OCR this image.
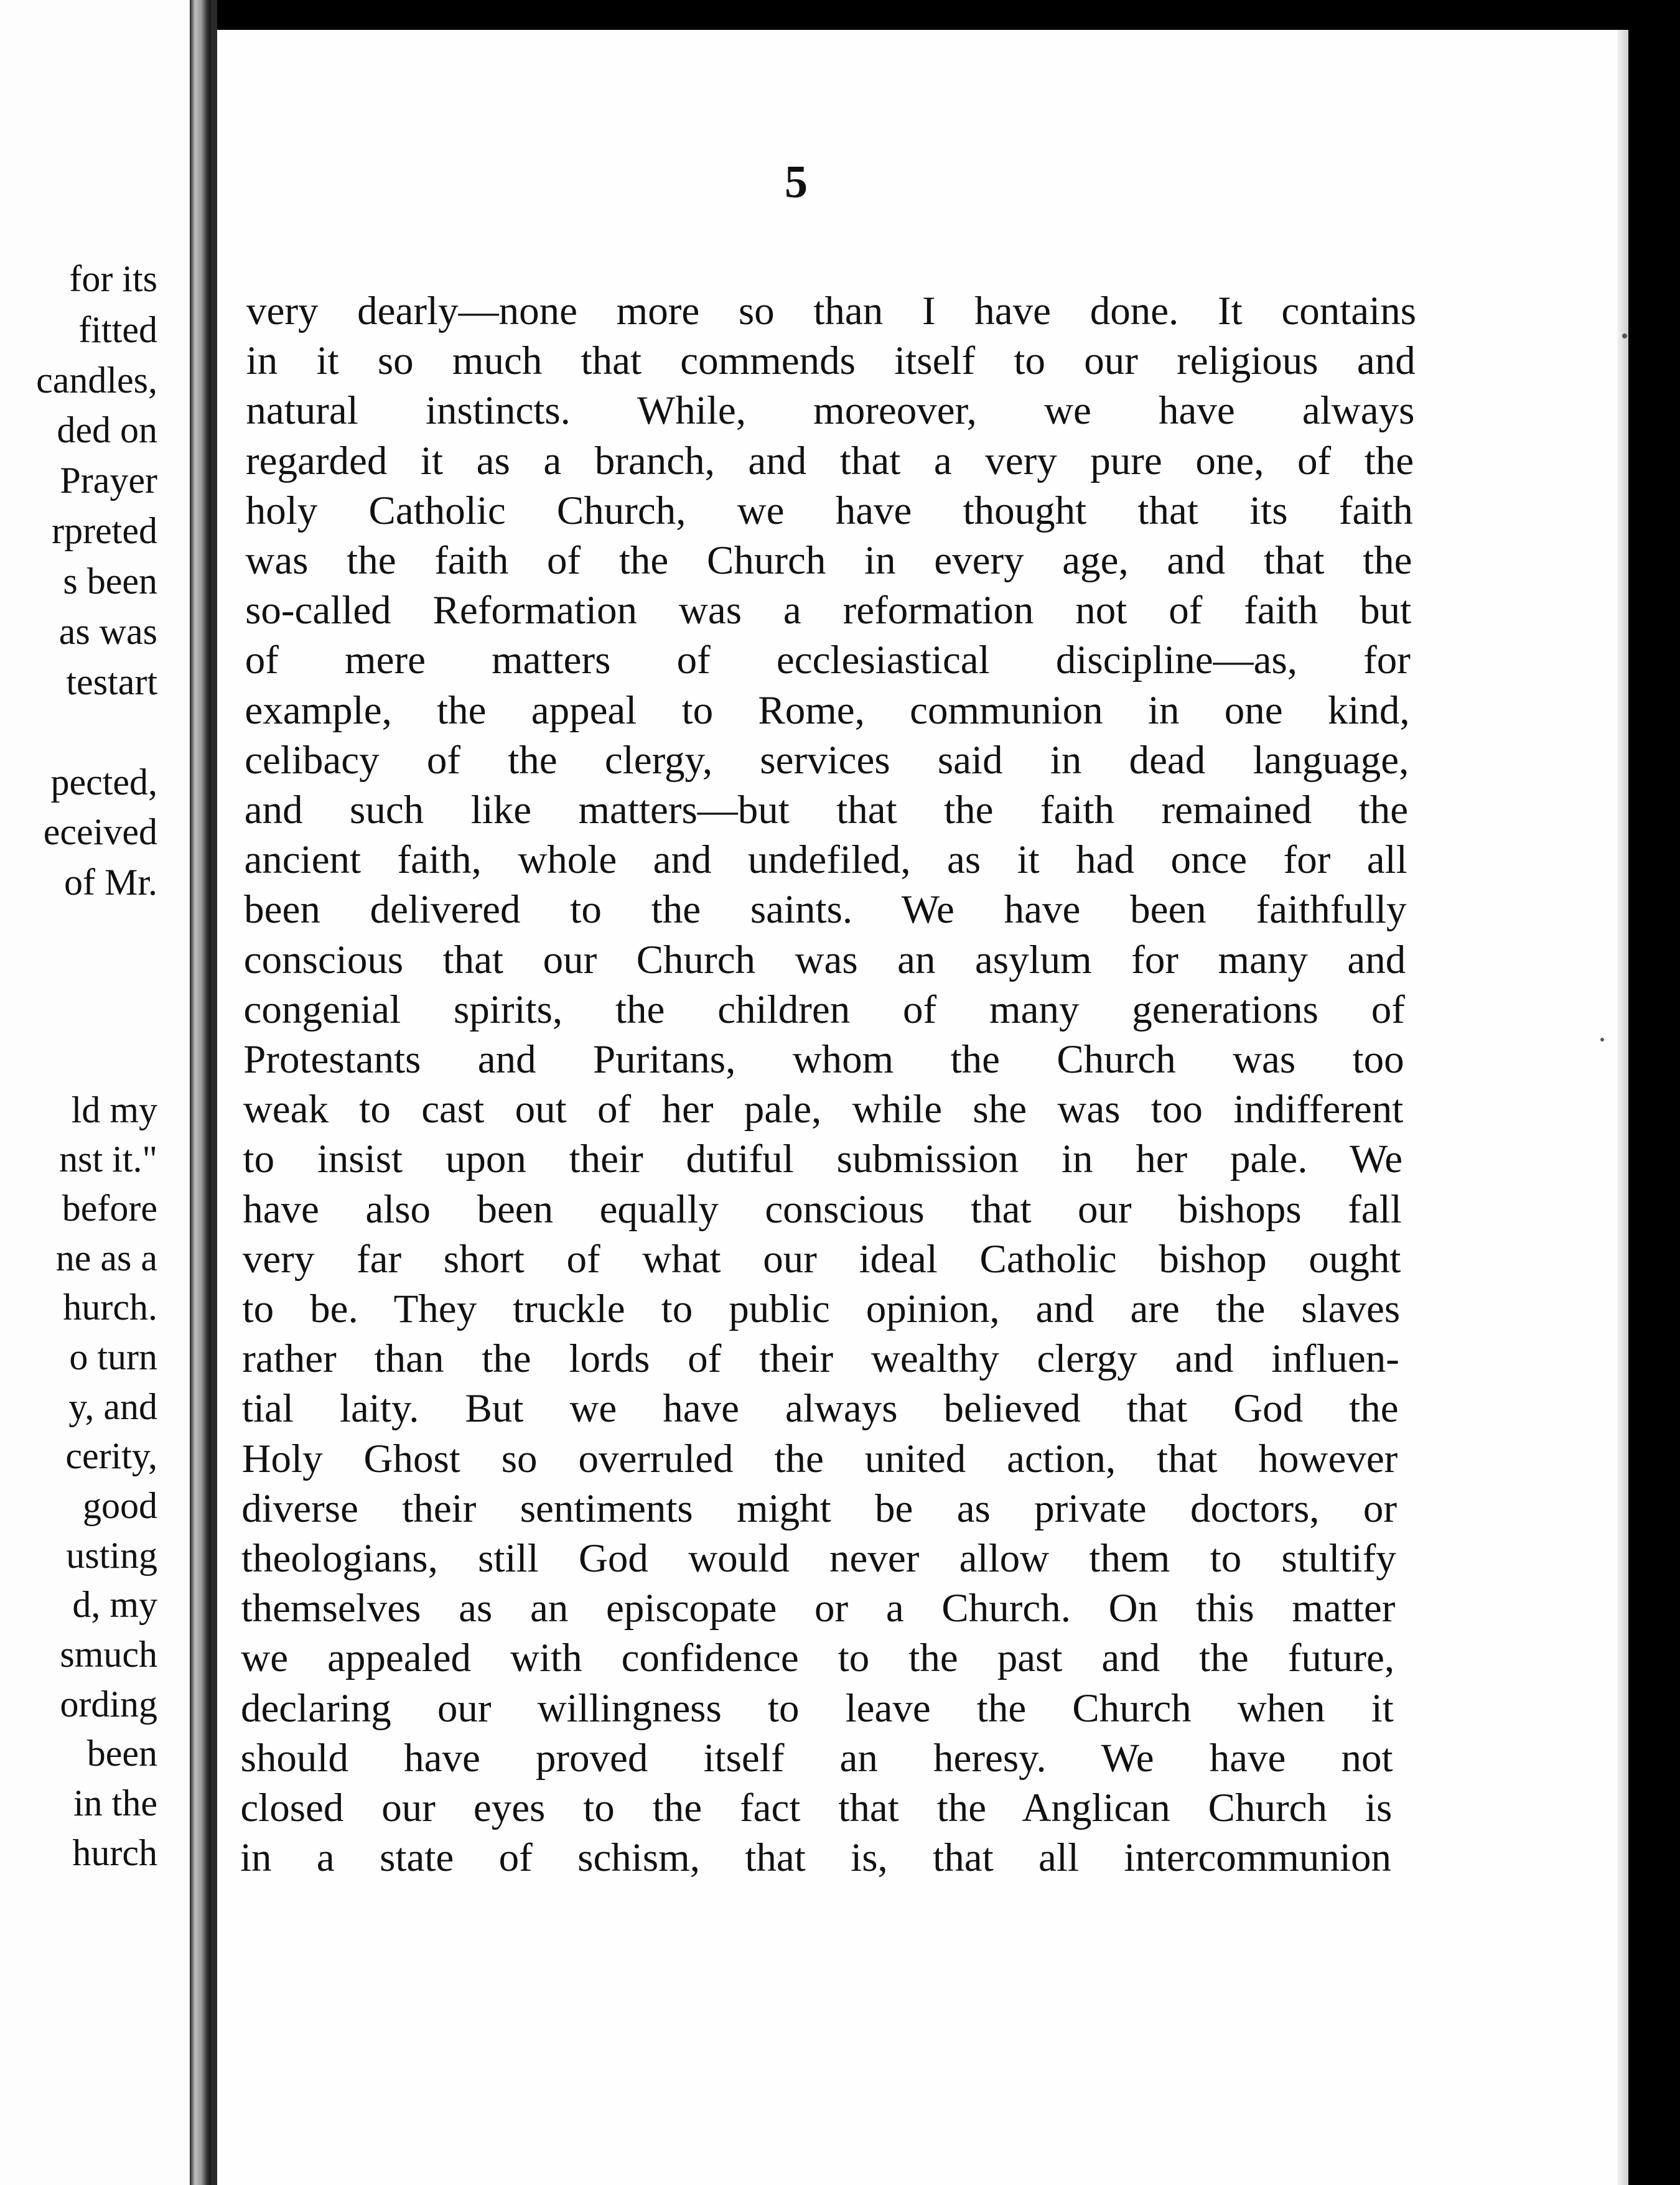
for its
fitted
candles,
ded on
Prayer
rpreted
s been
as was
testart
pected,
eceived
of Mr.
ld my
nst it."
before
ne as a
hurch.
o turn
y, and
cerity,
good
usting
d, my
smuch
ording
been
in the
hurch
5
very dearly—none more so than I have done. It contains
in it so much that commends itself to our religious and
natural instincts. While, moreover, we have always
regarded it as a branch, and that a very pure one, of the
holy Catholic Church, we have thought that its faith
was the faith of the Church in every age, and that the
so-called Reformation was a reformation not of faith but
of mere matters of ecclesiastical discipline—as, for
example, the appeal to Rome, communion in one kind,
celibacy of the clergy, services said in dead language,
and such like matters—but that the faith remained the
ancient faith, whole and undefiled, as it had once for all
been delivered to the saints. We have been faithfully
conscious that our Church was an asylum for many and
congenial spirits, the children of many generations of
Protestants and Puritans, whom the Church was too
weak to cast out of her pale, while she was too indifferent
to insist upon their dutiful submission in her pale. We
have also been equally conscious that our bishops fall
very far short of what our ideal Catholic bishop ought
to be. They truckle to public opinion, and are the slaves
rather than the lords of their wealthy clergy and influen-
tial laity. But we have always believed that God the
Holy Ghost so overruled the united action, that however
diverse their sentiments might be as private doctors, or
theologians, still God would never allow them to stultify
themselves as an episcopate or a Church. On this matter
we appealed with confidence to the past and the future,
declaring our willingness to leave the Church when it
should have proved itself an heresy. We have not
closed our eyes to the fact that the Anglican Church is
in a state of schism, that is, that all intercommunion
